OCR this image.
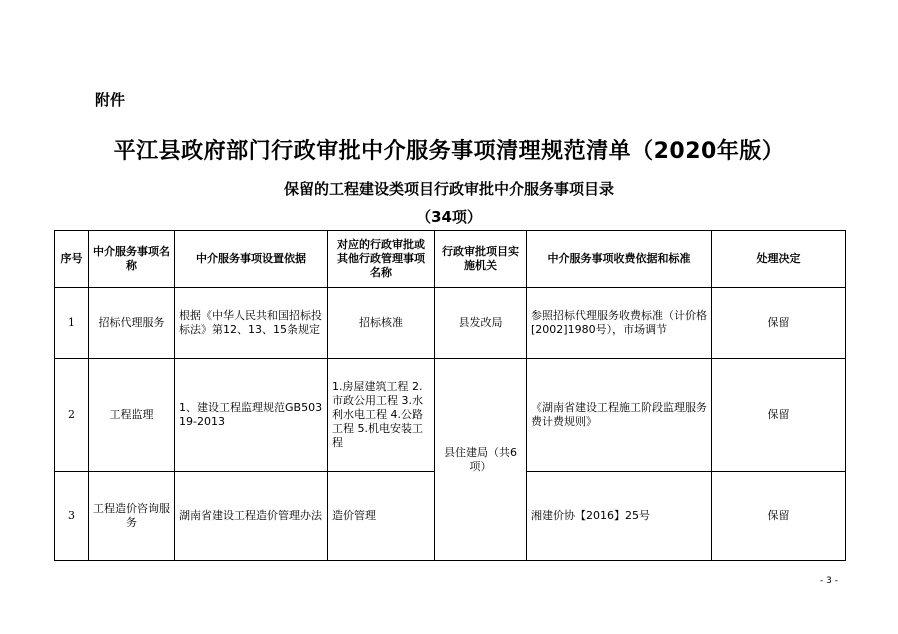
附件
平江县政府部门行政审批中介服务事项清理规范清单（2020年版）
保留的工程建设类项目行政审批中介服务事项目录
（34项）
序号	中介服务事项名称	中介服务事项设置依据	对应的行政审批或其他行政管理事项名称	行政审批项目实施机关	中介服务事项收费依据和标准	处理决定
1	招标代理服务	根据《中华人民共和国招标投标法》第12、13、15条规定	招标核准	县发改局	参照招标代理服务收费标准（计价格[2002]1980号），市场调节	保留
2	工程监理	1、建设工程监理规范GB50319-2013	1.房屋建筑工程 2.市政公用工程 3.水利水电工程 4.公路工程 5.机电安装工程	县住建局（共6项）	《湖南省建设工程施工阶段监理服务费计费规则》	保留
3	工程造价咨询服务	湖南省建设工程造价管理办法	造价管理		湘建价协【2016】25号	保留
- 3 -
